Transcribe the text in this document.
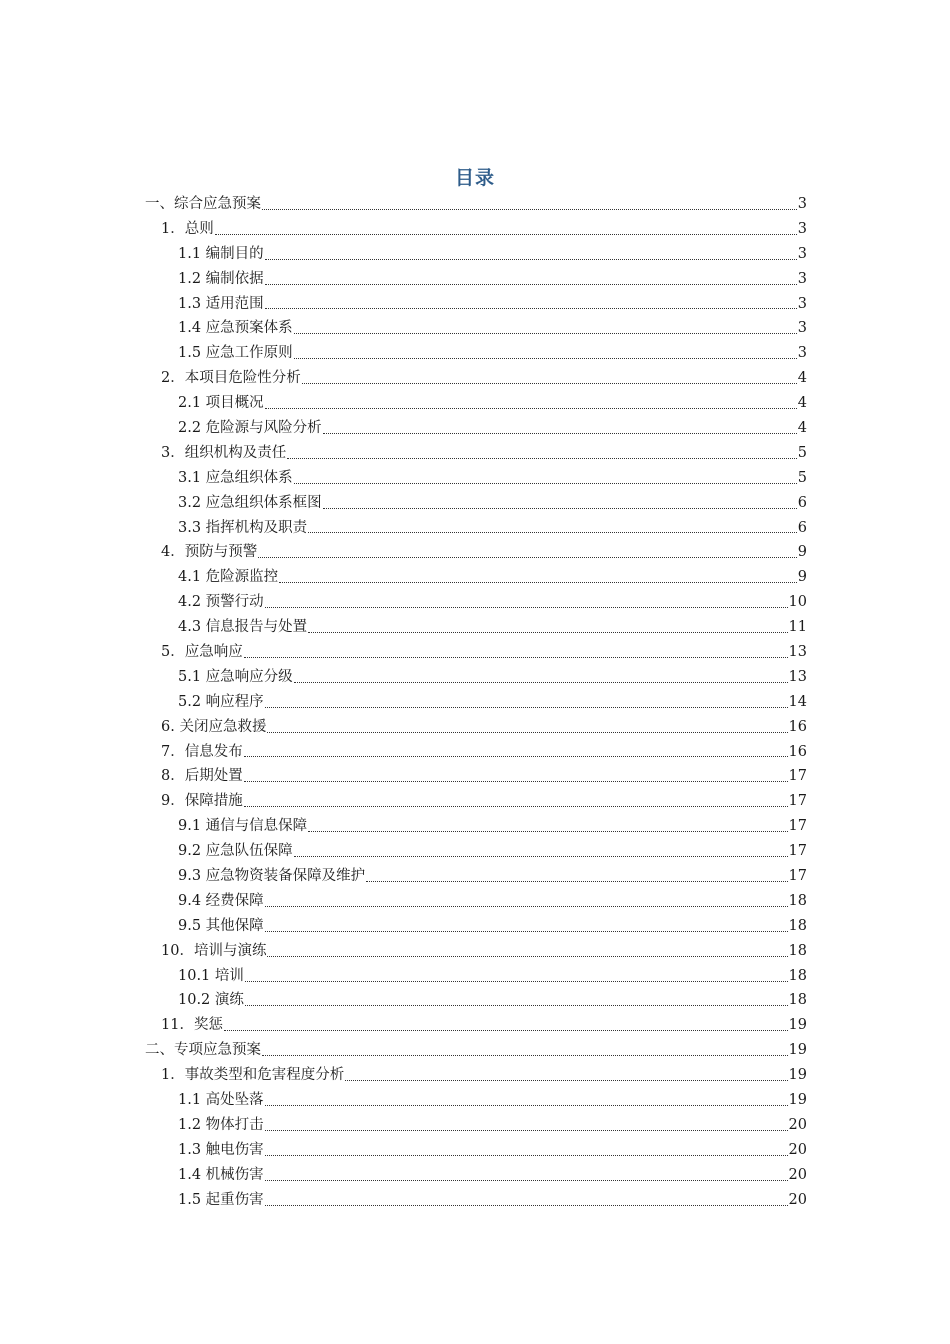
目录
一、综合应急预案	3
1．总则	3
1.1 编制目的	3
1.2 编制依据	3
1.3 适用范围	3
1.4 应急预案体系	3
1.5 应急工作原则	3
2．本项目危险性分析	4
2.1 项目概况	4
2.2 危险源与风险分析	4
3．组织机构及责任	5
3.1 应急组织体系	5
3.2 应急组织体系框图	6
3.3 指挥机构及职责	6
4．预防与预警	9
4.1 危险源监控	9
4.2 预警行动	10
4.3 信息报告与处置	11
5．应急响应	13
5.1 应急响应分级	13
5.2 响应程序	14
6. 关闭应急救援	16
7．信息发布	16
8．后期处置	17
9．保障措施	17
9.1 通信与信息保障	17
9.2 应急队伍保障	17
9.3 应急物资装备保障及维护	17
9.4 经费保障	18
9.5 其他保障	18
10．培训与演练	18
10.1 培训	18
10.2 演练	18
11．奖惩	19
二、专项应急预案	19
1．事故类型和危害程度分析	19
1.1 高处坠落	19
1.2 物体打击	20
1.3 触电伤害	20
1.4 机械伤害	20
1.5 起重伤害	20
